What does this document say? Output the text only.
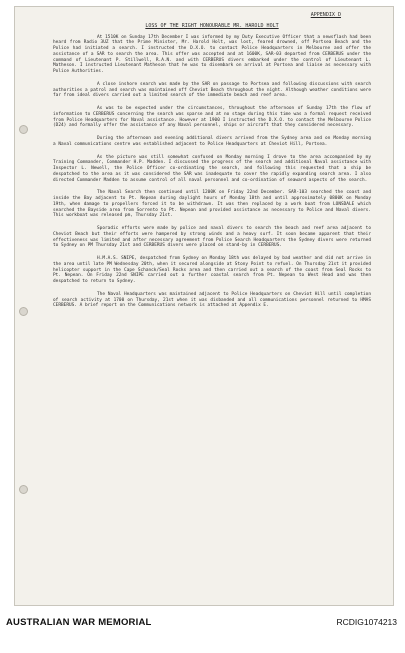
APPENDIX D
LOSS OF THE RIGHT HONOURABLE MR. HAROLD HOLT

At 1510K on Sunday 17th December I was informed by my Duty Executive Officer that a newsflash had been heard from Radio 3UZ that the Prime Minister, Mr. Harold Holt, was lost, feared drowned, off Portsea Beach and the Police had initiated a search. I instructed the D.X.O. to contact Police Headquarters in Melbourne and offer the assistance of a SAR to search the area. This offer was accepted and at 1600K, SAR-03 departed from CERBERUS under the command of Lieutenant P. Stillwell, R.A.N. and with CERBERUS divers embarked under the control of Lieutenant L. Matheson. I instructed Lieutenant Matheson that he was to disembark on arrival at Portsea and liaise as necessary with Police Authorities.

A close inshore search was made by the SAR on passage to Portsea and following discussions with search authorities a patrol and search was maintained off Cheviot Beach throughout the night. Although weather conditions were far from ideal divers carried out a limited search of the immediate beach and reef area.

As was to be expected under the circumstances, throughout the afternoon of Sunday 17th the flow of information to CERBERUS concerning the search was sparse and at no stage during this time was a formal request received from Police Headquarters for Naval assistance. However at 1900 I instructed the D.X.O. to contact the Melbourne Police (D24) and formally offer the assistance of any Naval personnel, ships or aircraft that they considered necessary.

During the afternoon and evening additional divers arrived from the Sydney area and on Monday morning a Naval communications centre was established adjacent to Police Headquarters at Cheviot Hill, Portsea.

As the picture was still somewhat confused on Monday morning I drove to the area accompanied by my Training Commander, Commander H.P. Madden. I discussed the progress of the search and additional Naval assistance with Inspector L. Newell, the Police Officer co-ordinating the search, and following this requested that a ship be despatched to the area as it was considered the SAR was inadequate to cover the rapidly expanding search area. I also directed Commander Madden to assume control of all naval personnel and co-ordination of seaward aspects of the search.

The Naval Search then continued until 1200K on Friday 22nd December. SAR-103 searched the coast and inside the Bay adjacent to Pt. Nepean during daylight hours of Monday 18th and until approximately 0800K on Monday 19th, when damage to propellers forced it to be withdrawn. It was then replaced by a work boat from LONSDALE which searched the Bayside area from Sorrento to Pt. Nepean and provided assistance as necessary to Police and Naval divers. This workboat was released pm, Thursday 21st.

Sporadic efforts were made by police and naval divers to search the beach and reef area adjacent to Cheviot Beach but their efforts were hampered by strong winds and a heavy surf. It soon became apparent that their effectiveness was limited and after necessary agreement from Police Search Headquarters the Sydney divers were returned to Sydney on PM Thursday 21st and CERBERUS divers were placed on stand-by in CERBERUS.

H.M.A.S. SNIPE, despatched from Sydney on Monday 18th was delayed by bad weather and did not arrive in the area until late PM Wednesday 20th, when it secured alongside at Stony Point to refuel. On Thursday 21st it provided helicopter support in the Cape Schanck/Seal Rocks area and then carried out a search of the coast from Seal Rocks to Pt. Nepean. On Friday 22nd SNIPE carried out a further coastal search from Pt. Nepean to West Head and was then despatched to return to Sydney.

The Naval Headquarters was maintained adjacent to Police Headquarters on Cheviot Hill until completion of search activity at 1700 on Thursday, 21st when it was disbanded and all communications personnel returned to HMAS CERBERUS. A brief report on the Communications network is attached at Appendix E.

AUSTRALIAN WAR MEMORIAL	RCDIG1074213
